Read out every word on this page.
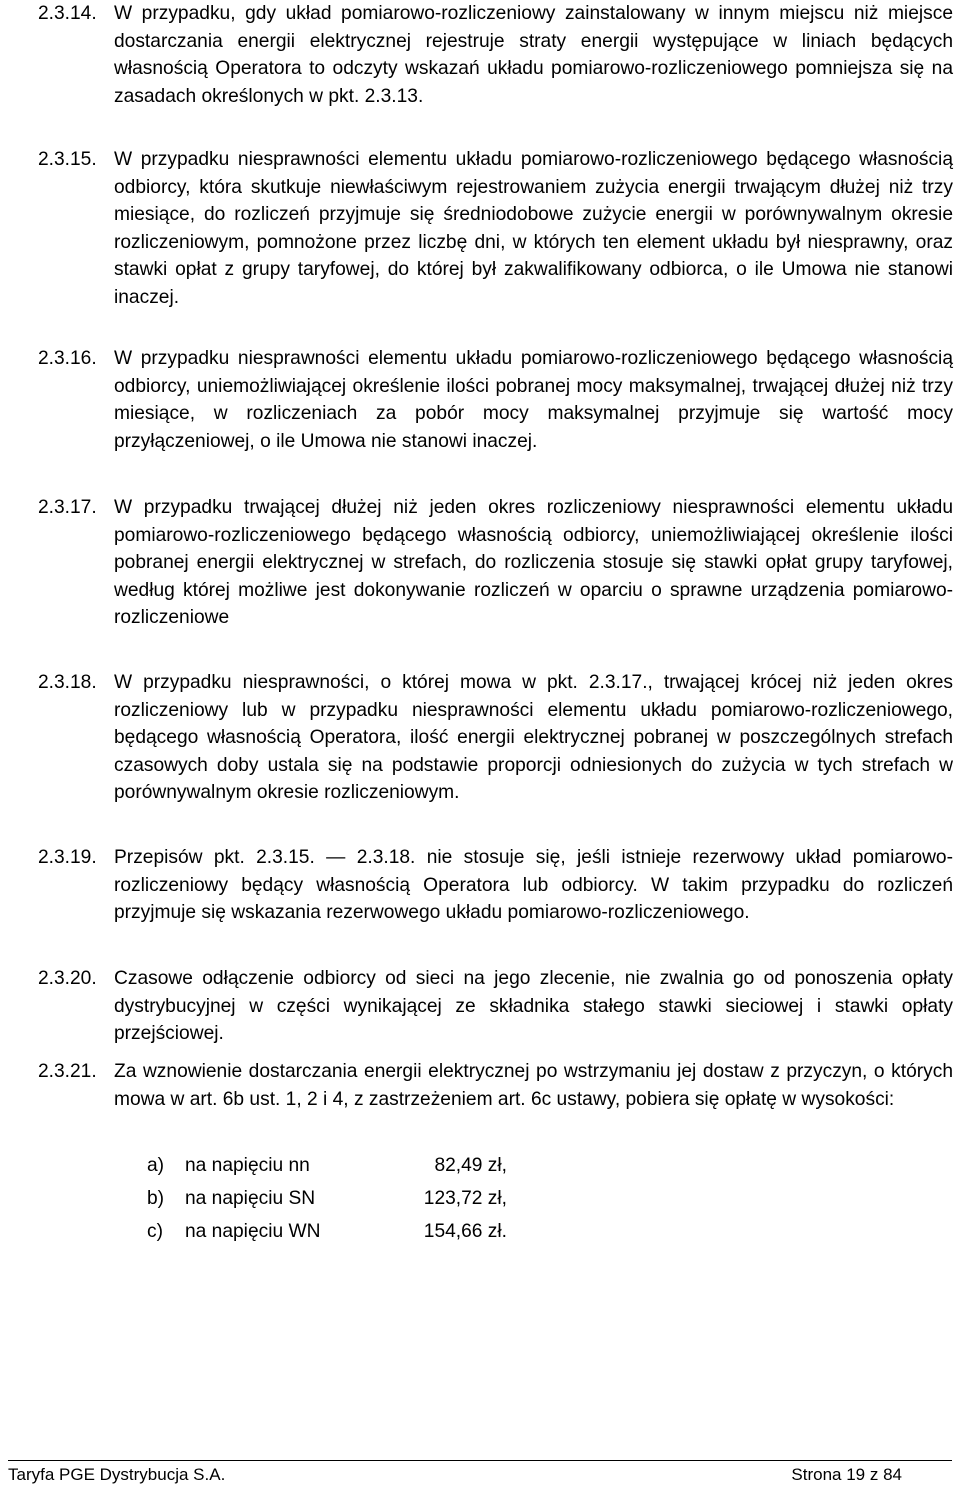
2.3.14. W przypadku, gdy układ pomiarowo-rozliczeniowy zainstalowany w innym miejscu niż miejsce dostarczania energii elektrycznej rejestruje straty energii występujące w liniach będących własnością Operatora to odczyty wskazań układu pomiarowo-rozliczeniowego pomniejsza się na zasadach określonych w pkt. 2.3.13.
2.3.15. W przypadku niesprawności elementu układu pomiarowo-rozliczeniowego będącego własnością odbiorcy, która skutkuje niewłaściwym rejestrowaniem zużycia energii trwającym dłużej niż trzy miesiące, do rozliczeń przyjmuje się średniodobowe zużycie energii w porównywalnym okresie rozliczeniowym, pomnożone przez liczbę dni, w których ten element układu był niesprawny, oraz stawki opłat z grupy taryfowej, do której był zakwalifikowany odbiorca, o ile Umowa nie stanowi inaczej.
2.3.16. W przypadku niesprawności elementu układu pomiarowo-rozliczeniowego będącego własnością odbiorcy, uniemożliwiającej określenie ilości pobranej mocy maksymalnej, trwającej dłużej niż trzy miesiące, w rozliczeniach za pobór mocy maksymalnej przyjmuje się wartość mocy przyłączeniowej, o ile Umowa nie stanowi inaczej.
2.3.17. W przypadku trwającej dłużej niż jeden okres rozliczeniowy niesprawności elementu układu pomiarowo-rozliczeniowego będącego własnością odbiorcy, uniemożliwiającej określenie ilości pobranej energii elektrycznej w strefach, do rozliczenia stosuje się stawki opłat grupy taryfowej, według której możliwe jest dokonywanie rozliczeń w oparciu o sprawne urządzenia pomiarowo-rozliczeniowe
2.3.18. W przypadku niesprawności, o której mowa w pkt. 2.3.17., trwającej krócej niż jeden okres rozliczeniowy lub w przypadku niesprawności elementu układu pomiarowo-rozliczeniowego, będącego własnością Operatora, ilość energii elektrycznej pobranej w poszczególnych strefach czasowych doby ustala się na podstawie proporcji odniesionych do zużycia w tych strefach w porównywalnym okresie rozliczeniowym.
2.3.19. Przepisów pkt. 2.3.15. — 2.3.18. nie stosuje się, jeśli istnieje rezerwowy układ pomiarowo-rozliczeniowy będący własnością Operatora lub odbiorcy. W takim przypadku do rozliczeń przyjmuje się wskazania rezerwowego układu pomiarowo-rozliczeniowego.
2.3.20. Czasowe odłączenie odbiorcy od sieci na jego zlecenie, nie zwalnia go od ponoszenia opłaty dystrybucyjnej w części wynikającej ze składnika stałego stawki sieciowej i stawki opłaty przejściowej.
2.3.21. Za wznowienie dostarczania energii elektrycznej po wstrzymaniu jej dostaw z przyczyn, o których mowa w art. 6b ust. 1, 2 i 4, z zastrzeżeniem art. 6c ustawy, pobiera się opłatę w wysokości:
a) na napięciu nn	82,49 zł,
b) na napięciu SN	123,72 zł,
c) na napięciu WN	154,66 zł.
Taryfa PGE Dystrybucja S.A.	Strona 19 z 84
